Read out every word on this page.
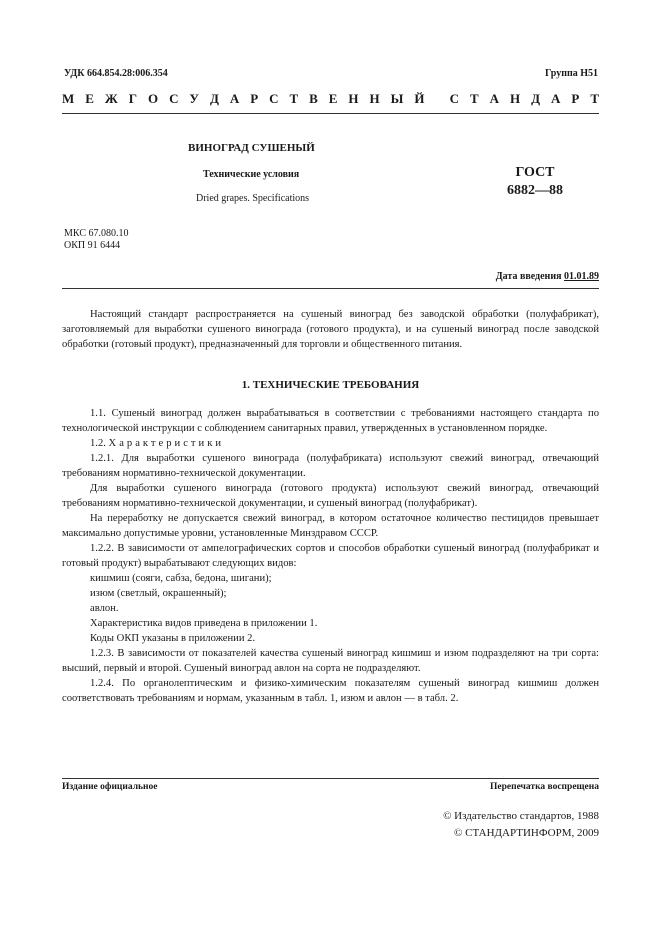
УДК 664.854.28:006.354	Группа Н51
М Е Ж Г О С У Д А Р С Т В Е Н Н Ы Й
С Т А Н Д А Р Т
ВИНОГРАД СУШЕНЫЙ
Технические условия
Dried grapes. Specifications
ГОСТ
6882—88
МКС 67.080.10
ОКП 91 6444
Дата введения 01.01.89

Настоящий стандарт распространяется на сушеный виноград без заводской обработки (полуфабрикат), заготовляемый для выработки сушеного винограда (готового продукта), и на сушеный виноград после заводской обработки (готовый продукт), предназначенный для торговли и общественного питания.

1. ТЕХНИЧЕСКИЕ ТРЕБОВАНИЯ

1.1. Сушеный виноград должен вырабатываться в соответствии с требованиями настоящего стандарта по технологической инструкции с соблюдением санитарных правил, утвержденных в установленном порядке.

1.2. Характеристики

1.2.1. Для выработки сушеного винограда (полуфабриката) используют свежий виноград, отвечающий требованиям нормативно-технической документации.

Для выработки сушеного винограда (готового продукта) используют свежий виноград, отвечающий требованиям нормативно-технической документации, и сушеный виноград (полуфабрикат).

На переработку не допускается свежий виноград, в котором остаточное количество пестицидов превышает максимально допустимые уровни, установленные Минздравом СССР.

1.2.2. В зависимости от ампелографических сортов и способов обработки сушеный виноград (полуфабрикат и готовый продукт) вырабатывают следующих видов:

кишмиш (сояги, сабза, бедона, шигани);

изюм (светлый, окрашенный);

авлон.

Характеристика видов приведена в приложении 1.

Коды ОКП указаны в приложении 2.

1.2.3. В зависимости от показателей качества сушеный виноград кишмиш и изюм подразделяют на три сорта: высший, первый и второй. Сушеный виноград авлон на сорта не подразделяют.

1.2.4. По органолептическим и физико-химическим показателям сушеный виноград кишмиш должен соответствовать требованиям и нормам, указанным в табл. 1, изюм и авлон — в табл. 2.

Издание официальное	Перепечатка воспрещена
© Издательство стандартов, 1988
© СТАНДАРТИНФОРМ, 2009
